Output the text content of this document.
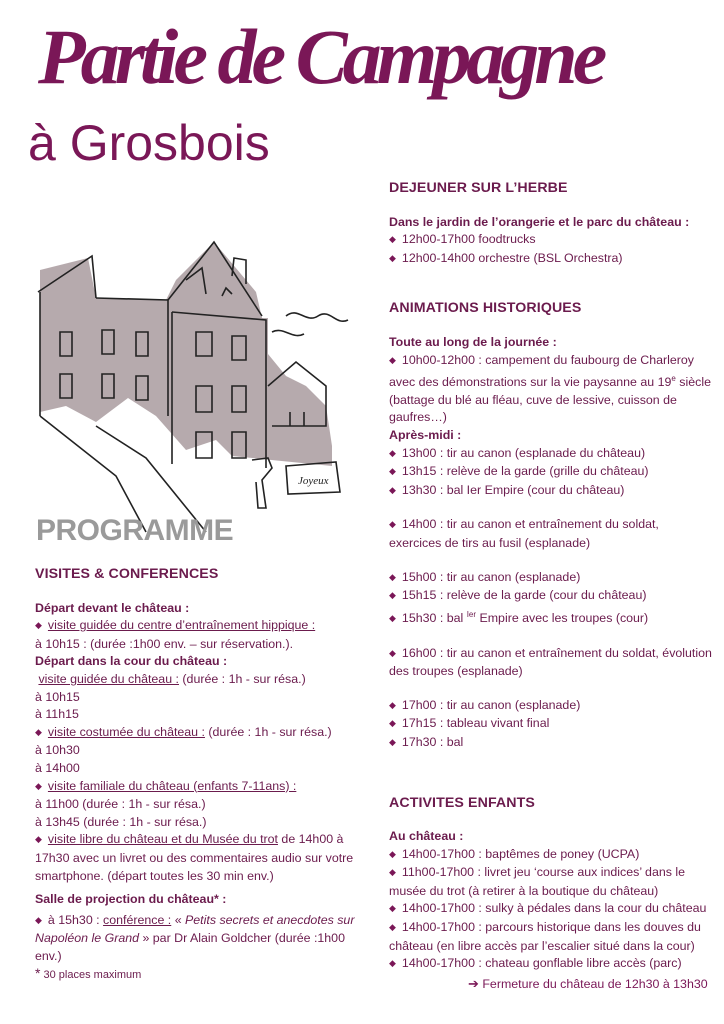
Partie de Campagne
à Grosbois
Joyeux
PROGRAMME
VISITES & CONFERENCES

Départ devant le château :

◆ visite guidée du centre d’entraînement hippique :

à 10h15 : (durée :1h00 env. – sur réservation.).

Départ dans la cour du château :

visite guidée du château : (durée : 1h - sur résa.)

à 10h15

à 11h15

◆ visite costumée du château : (durée : 1h - sur résa.)

à 10h30

à 14h00

◆ visite familiale du château (enfants 7-11ans) :

à 11h00 (durée : 1h - sur résa.)

à 13h45 (durée : 1h - sur résa.)

◆ visite libre du château et du Musée du trot de 14h00 à 17h30 avec un livret ou des commentaires audio sur votre smartphone. (départ toutes les 30 min env.)

Salle de projection du château* :

◆ à 15h30 : conférence : « Petits secrets et anecdotes sur Napoléon le Grand » par Dr Alain Goldcher (durée :1h00 env.)

* 30 places maximum

DEJEUNER SUR L’HERBE

Dans le jardin de l’orangerie et le parc du château :

◆ 12h00-17h00 foodtrucks

◆ 12h00-14h00 orchestre (BSL Orchestra)

ANIMATIONS HISTORIQUES

Toute au long de la journée :

◆ 10h00-12h00 : campement du faubourg de Charleroy avec des démonstrations sur la vie paysanne au 19e siècle (battage du blé au fléau, cuve de lessive, cuisson de gaufres…)

Après-midi :

◆ 13h00 : tir au canon (esplanade du château)

◆ 13h15 : relève de la garde (grille du château)

◆ 13h30 : bal Ier Empire (cour du château)

◆ 14h00 : tir au canon et entraînement du soldat, exercices de tirs au fusil (esplanade)

◆ 15h00 : tir au canon (esplanade)

◆ 15h15 : relève de la garde (cour du château)

◆ 15h30 : bal $^{Ier}$ Empire avec les troupes (cour)

◆ 16h00 : tir au canon et entraînement du soldat, évolution des troupes (esplanade)

◆ 17h00 : tir au canon (esplanade)

◆ 17h15 : tableau vivant final

◆ 17h30 : bal

ACTIVITES ENFANTS

Au château :

◆ 14h00-17h00 : baptêmes de poney (UCPA)

◆ 11h00-17h00 : livret jeu ‘course aux indices’ dans le musée du trot (à retirer à la boutique du château)

◆ 14h00-17h00 : sulky à pédales dans la cour du château

◆ 14h00-17h00 : parcours historique dans les douves du château (en libre accès par l’escalier situé dans la cour)

◆ 14h00-17h00 : chateau gonflable libre accès (parc)

➔ Fermeture du château de 12h30 à 13h30
